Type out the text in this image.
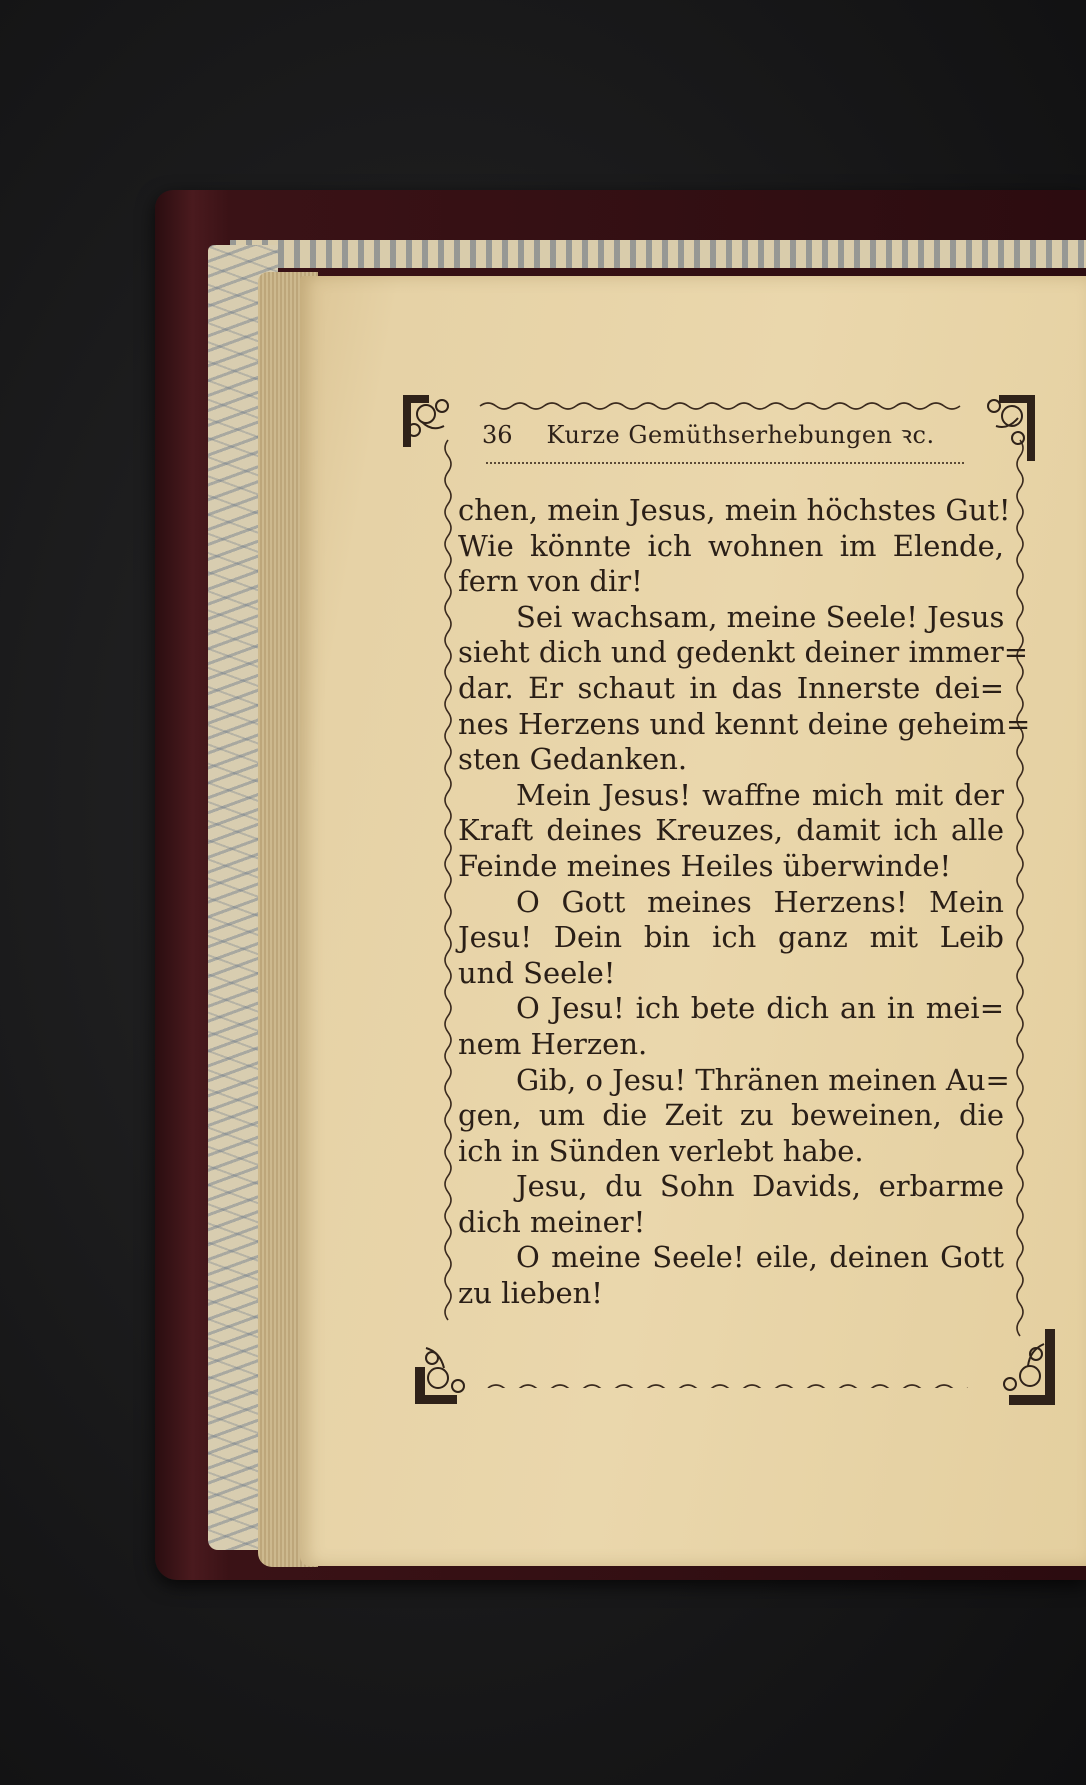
36 Kurze Gemüthserhebungen ꝛc.
chen, mein Jesus, mein höchstes Gut!
Wie könnte ich wohnen im Elende,
fern von dir!
Sei wachsam, meine Seele! Jesus
sieht dich und gedenkt deiner immer=
dar. Er schaut in das Innerste dei=
nes Herzens und kennt deine geheim=
sten Gedanken.
Mein Jesus! waffne mich mit der
Kraft deines Kreuzes, damit ich alle
Feinde meines Heiles überwinde!
O Gott meines Herzens! Mein
Jesu! Dein bin ich ganz mit Leib
und Seele!
O Jesu! ich bete dich an in mei=
nem Herzen.
Gib, o Jesu! Thränen meinen Au=
gen, um die Zeit zu beweinen, die
ich in Sünden verlebt habe.
Jesu, du Sohn Davids, erbarme
dich meiner!
O meine Seele! eile, deinen Gott
zu lieben!
